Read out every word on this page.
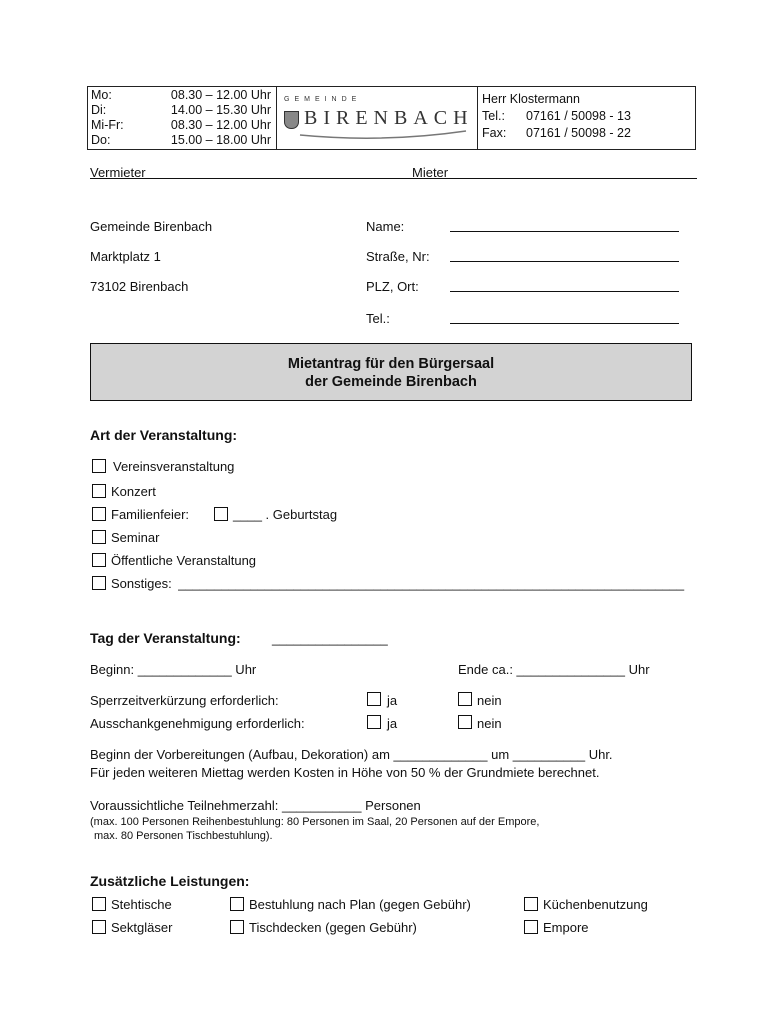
Mo:	08.30 – 12.00 Uhr
Di:	14.00 – 15.30 Uhr
Mi-Fr:	08.30 – 12.00 Uhr
Do:	15.00 – 18.00 Uhr
GEMEINDE
BIRENBACH
Herr Klostermann
Tel.: 07161 / 50098 - 13
Fax: 07161 / 50098 - 22
Vermieter	Mieter
Gemeinde Birenbach
Marktplatz 1
73102 Birenbach
Name:
Straße, Nr:
PLZ, Ort:
Tel.:
Mietantrag für den Bürgersaal
der Gemeinde Birenbach
Art der Veranstaltung:
Vereinsveranstaltung
Konzert
Familienfeier:	____ . Geburtstag
Seminar
Öffentliche Veranstaltung
Sonstiges: ______________________________________________________________________
Tag der Veranstaltung: ________________
Beginn: _____________ Uhr	Ende ca.: _______________ Uhr
Sperrzeitverkürzung erforderlich:	ja	nein
Ausschankgenehmigung erforderlich:	ja	nein
Beginn der Vorbereitungen (Aufbau, Dekoration) am _____________ um __________ Uhr.
Für jeden weiteren Miettag werden Kosten in Höhe von 50 % der Grundmiete berechnet.
Voraussichtliche Teilnehmerzahl: ___________ Personen
(max. 100 Personen Reihenbestuhlung: 80 Personen im Saal, 20 Personen auf der Empore,
max. 80 Personen Tischbestuhlung).
Zusätzliche Leistungen:
Stehtische	Bestuhlung nach Plan (gegen Gebühr)	Küchenbenutzung
Sektgläser	Tischdecken (gegen Gebühr)	Empore
